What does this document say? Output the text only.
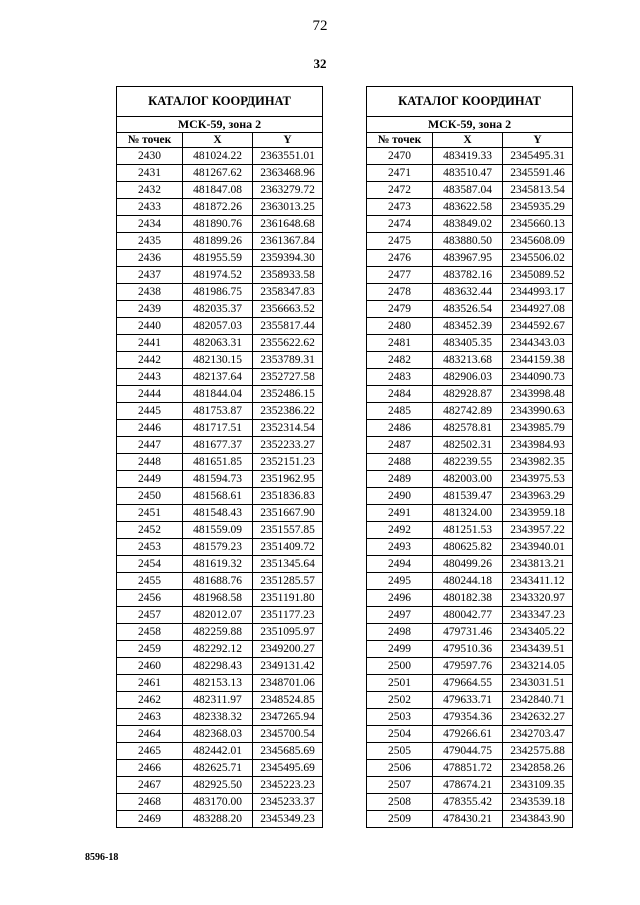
72
32
КАТАЛОГ КООРДИНАТ		
МСК-59, зона 2		
№ точек	X	Y
2430	481024.22	2363551.01
2431	481267.62	2363468.96
2432	481847.08	2363279.72
2433	481872.26	2363013.25
2434	481890.76	2361648.68
2435	481899.26	2361367.84
2436	481955.59	2359394.30
2437	481974.52	2358933.58
2438	481986.75	2358347.83
2439	482035.37	2356663.52
2440	482057.03	2355817.44
2441	482063.31	2355622.62
2442	482130.15	2353789.31
2443	482137.64	2352727.58
2444	481844.04	2352486.15
2445	481753.87	2352386.22
2446	481717.51	2352314.54
2447	481677.37	2352233.27
2448	481651.85	2352151.23
2449	481594.73	2351962.95
2450	481568.61	2351836.83
2451	481548.43	2351667.90
2452	481559.09	2351557.85
2453	481579.23	2351409.72
2454	481619.32	2351345.64
2455	481688.76	2351285.57
2456	481968.58	2351191.80
2457	482012.07	2351177.23
2458	482259.88	2351095.97
2459	482292.12	2349200.27
2460	482298.43	2349131.42
2461	482153.13	2348701.06
2462	482311.97	2348524.85
2463	482338.32	2347265.94
2464	482368.03	2345700.54
2465	482442.01	2345685.69
2466	482625.71	2345495.69
2467	482925.50	2345223.23
2468	483170.00	2345233.37
2469	483288.20	2345349.23
КАТАЛОГ КООРДИНАТ		
МСК-59, зона 2		
№ точек	X	Y
2470	483419.33	2345495.31
2471	483510.47	2345591.46
2472	483587.04	2345813.54
2473	483622.58	2345935.29
2474	483849.02	2345660.13
2475	483880.50	2345608.09
2476	483967.95	2345506.02
2477	483782.16	2345089.52
2478	483632.44	2344993.17
2479	483526.54	2344927.08
2480	483452.39	2344592.67
2481	483405.35	2344343.03
2482	483213.68	2344159.38
2483	482906.03	2344090.73
2484	482928.87	2343998.48
2485	482742.89	2343990.63
2486	482578.81	2343985.79
2487	482502.31	2343984.93
2488	482239.55	2343982.35
2489	482003.00	2343975.53
2490	481539.47	2343963.29
2491	481324.00	2343959.18
2492	481251.53	2343957.22
2493	480625.82	2343940.01
2494	480499.26	2343813.21
2495	480244.18	2343411.12
2496	480182.38	2343320.97
2497	480042.77	2343347.23
2498	479731.46	2343405.22
2499	479510.36	2343439.51
2500	479597.76	2343214.05
2501	479664.55	2343031.51
2502	479633.71	2342840.71
2503	479354.36	2342632.27
2504	479266.61	2342703.47
2505	479044.75	2342575.88
2506	478851.72	2342858.26
2507	478674.21	2343109.35
2508	478355.42	2343539.18
2509	478430.21	2343843.90
8596-18
